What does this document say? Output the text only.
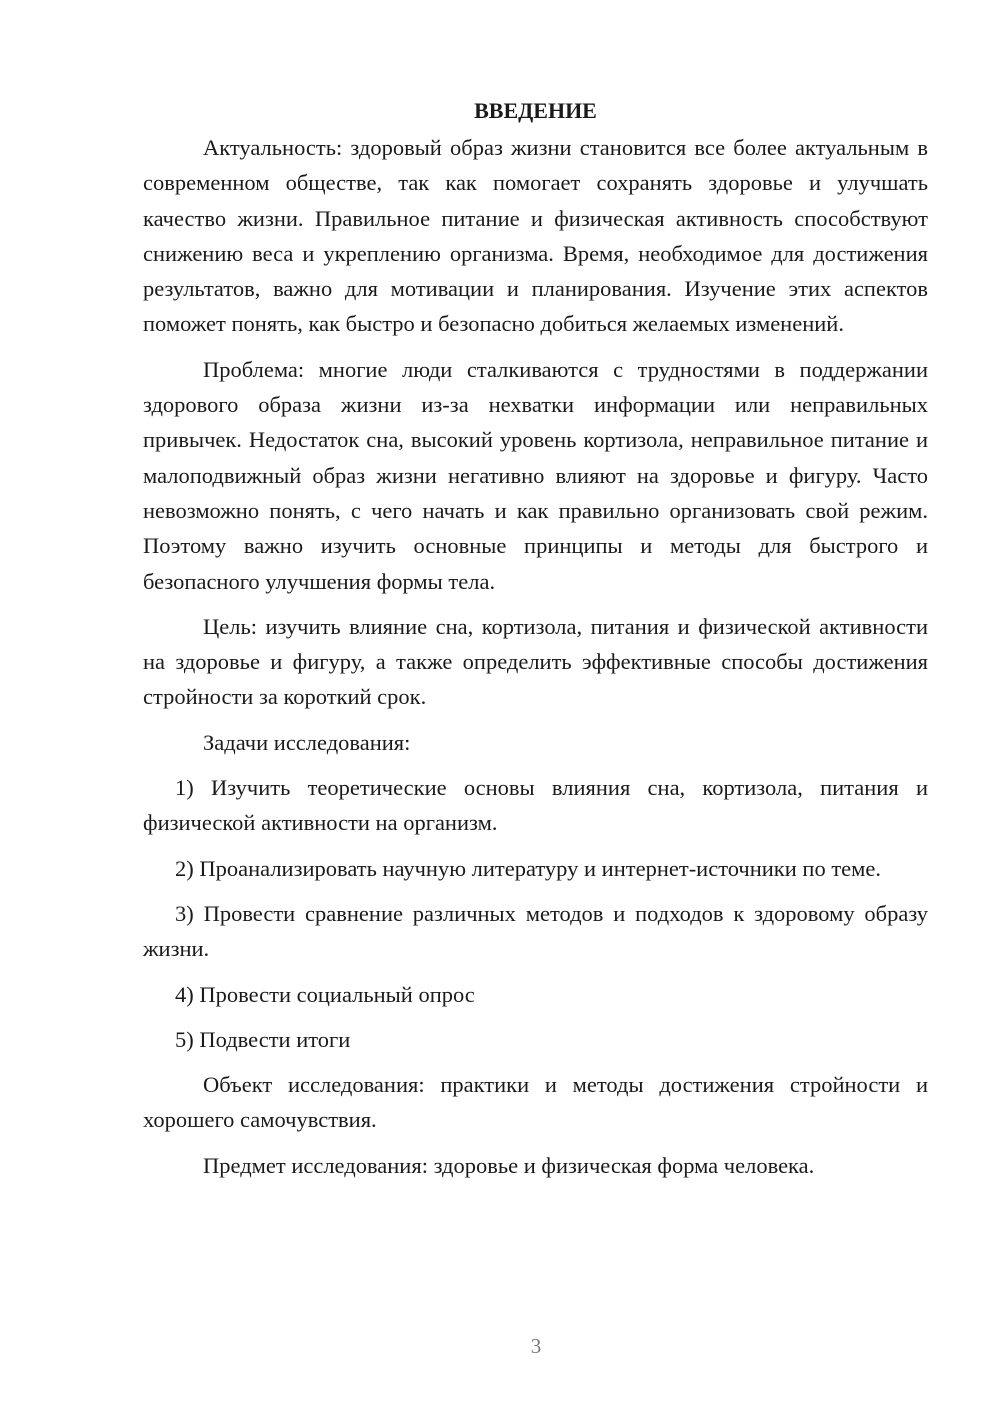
ВВЕДЕНИЕ

Актуальность: здоровый образ жизни становится все более актуальным в современном обществе, так как помогает сохранять здоровье и улучшать качество жизни. Правильное питание и физическая активность способствуют снижению веса и укреплению организма. Время, необходимое для достижения результатов, важно для мотивации и планирования. Изучение этих аспектов поможет понять, как быстро и безопасно добиться желаемых изменений.

Проблема: многие люди сталкиваются с трудностями в поддержании здорового образа жизни из-за нехватки информации или неправильных привычек. Недостаток сна, высокий уровень кортизола, неправильное питание и малоподвижный образ жизни негативно влияют на здоровье и фигуру. Часто невозможно понять, с чего начать и как правильно организовать свой режим. Поэтому важно изучить основные принципы и методы для быстрого и безопасного улучшения формы тела.

Цель: изучить влияние сна, кортизола, питания и физической активности на здоровье и фигуру, а также определить эффективные способы достижения стройности за короткий срок.

Задачи исследования:

1) Изучить теоретические основы влияния сна, кортизола, питания и физической активности на организм.

2) Проанализировать научную литературу и интернет-источники по теме.

3) Провести сравнение различных методов и подходов к здоровому образу жизни.

4) Провести социальный опрос

5) Подвести итоги

Объект исследования: практики и методы достижения стройности и хорошего самочувствия.

Предмет исследования: здоровье и физическая форма человека.

3
